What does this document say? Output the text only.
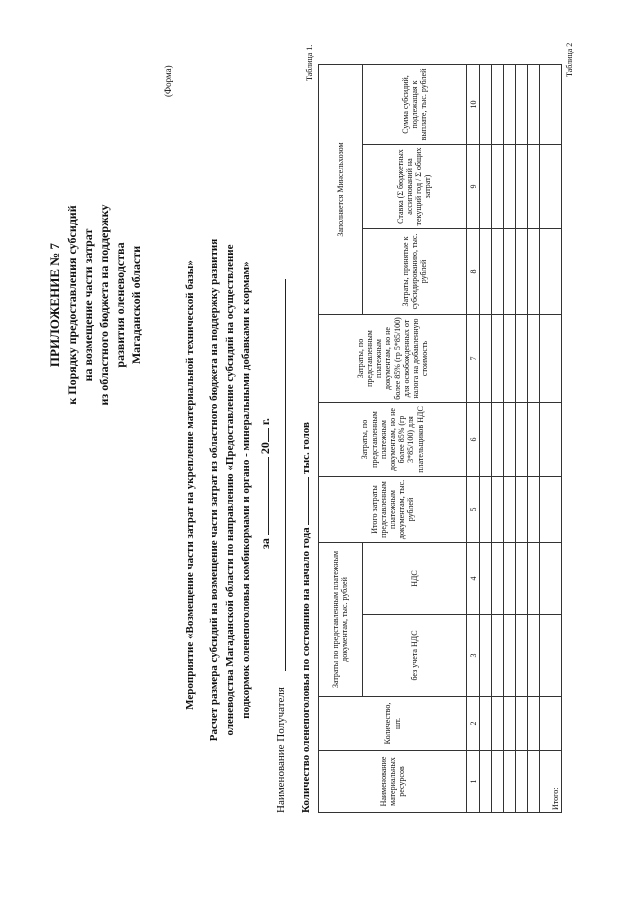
ПРИЛОЖЕНИЕ № 7 к Порядку предоставления субсидий на возмещение части затрат из областного бюджета на поддержку развития оленеводства Магаданской области
(Форма)
Мероприятие «Возмещение части затрат на укрепление материальной технической базы» Расчет размера субсидий на возмещение части затрат из областного бюджета на поддержку развития оленеводства Магаданской области по направлению «Предоставление субсидий на осуществление подкормок оленепоголовья комбикормами и органо - минеральными добавками к кормам» за  20 г.
Наименование Получателя	Количество оленепоголовья по состоянию на начало года  тыс. голов
Таблица 1.	Таблица 2
Наименование материальных ресурсов	Количество, шт.	Затраты по представленным платежным документам, тыс. рублей		Итого затраты представленным платежным документам, тыс. рублей	Затраты, по представленным платежным документам, но не более 85% (гр 3*85/100) для плательщиков НДС	Затраты, по представленным платежным документам, но не более 85% (гр 5*85/100) для освобожденных от налога на добавленную стоимость	Заполняется Минсельхозом		
		без учета НДС	НДС				Затраты, принятые к субсидированию, тыс. рублей	Ставка (Σ бюджетных ассигнований на текущий год / Σ общих затрат)	Сумма субсидий, подлежащая к выплате, тыс. рублей

1	2	3	4	5	6	7	8	9	10

Итого:									
